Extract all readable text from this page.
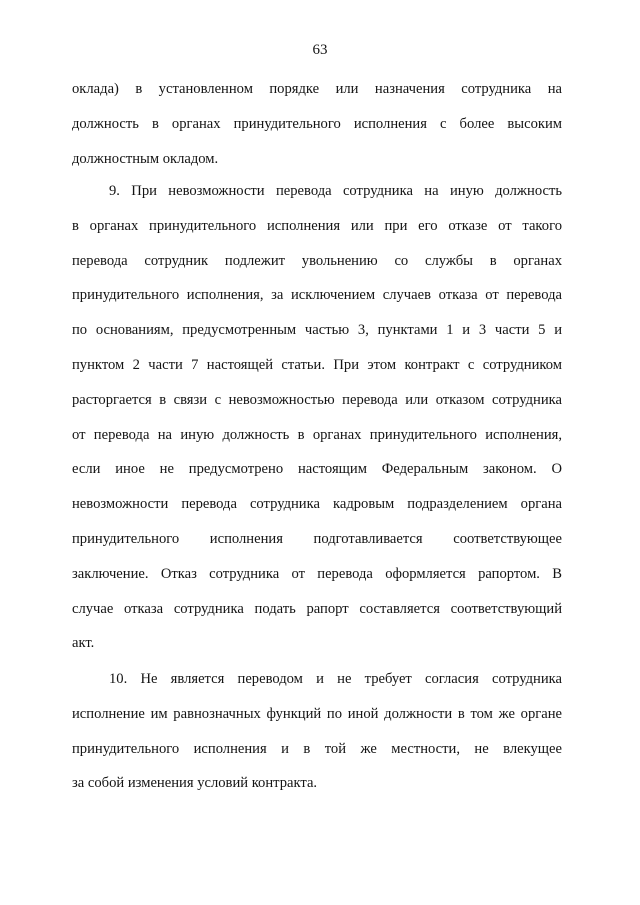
63
оклада) в установленном порядке или назначения сотрудника на
должность в органах принудительного исполнения с более высоким
должностным окладом.
9. При невозможности перевода сотрудника на иную должность
в органах принудительного исполнения или при его отказе от такого
перевода сотрудник подлежит увольнению со службы в органах
принудительного исполнения, за исключением случаев отказа от перевода
по основаниям, предусмотренным частью 3, пунктами 1 и 3 части 5 и
пунктом 2 части 7 настоящей статьи. При этом контракт с сотрудником
расторгается в связи с невозможностью перевода или отказом сотрудника
от перевода на иную должность в органах принудительного исполнения,
если иное не предусмотрено настоящим Федеральным законом. О
невозможности перевода сотрудника кадровым подразделением органа
принудительного исполнения подготавливается соответствующее
заключение. Отказ сотрудника от перевода оформляется рапортом. В
случае отказа сотрудника подать рапорт составляется соответствующий
акт.
10. Не является переводом и не требует согласия сотрудника
исполнение им равнозначных функций по иной должности в том же органе
принудительного исполнения и в той же местности, не влекущее
за собой изменения условий контракта.
